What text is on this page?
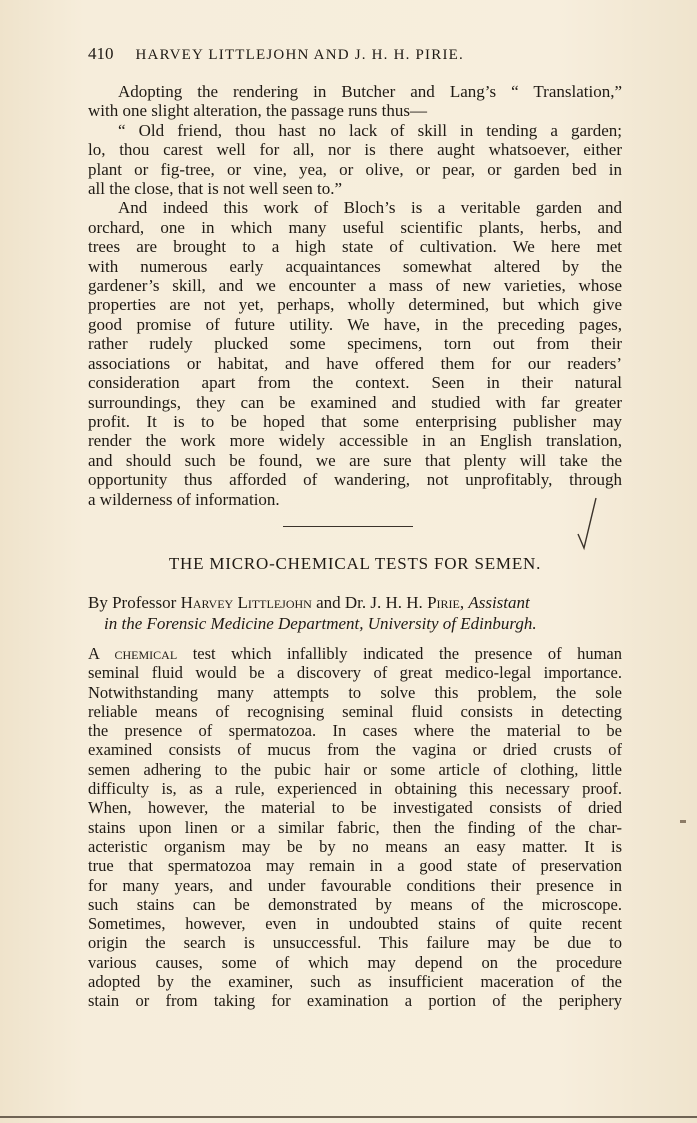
410 HARVEY LITTLEJOHN AND J. H. H. PIRIE.
Adopting the rendering in Butcher and Lang’s “ Translation,”
with one slight alteration, the passage runs thus—
“ Old friend, thou hast no lack of skill in tending a garden;
lo, thou carest well for all, nor is there aught whatsoever, either
plant or fig-tree, or vine, yea, or olive, or pear, or garden bed in
all the close, that is not well seen to.”
And indeed this work of Bloch’s is a veritable garden and
orchard, one in which many useful scientific plants, herbs, and
trees are brought to a high state of cultivation. We here met
with numerous early acquaintances somewhat altered by the
gardener’s skill, and we encounter a mass of new varieties, whose
properties are not yet, perhaps, wholly determined, but which give
good promise of future utility. We have, in the preceding pages,
rather rudely plucked some specimens, torn out from their
associations or habitat, and have offered them for our readers’
consideration apart from the context. Seen in their natural
surroundings, they can be examined and studied with far greater
profit. It is to be hoped that some enterprising publisher may
render the work more widely accessible in an English translation,
and should such be found, we are sure that plenty will take the
opportunity thus afforded of wandering, not unprofitably, through
a wilderness of information.
THE MICRO-CHEMICAL TESTS FOR SEMEN.
By Professor Harvey Littlejohn and Dr. J. H. H. Pirie, Assistant
in the Forensic Medicine Department, University of Edinburgh.
A chemical test which infallibly indicated the presence of human
seminal fluid would be a discovery of great medico-legal importance.
Notwithstanding many attempts to solve this problem, the sole
reliable means of recognising seminal fluid consists in detecting
the presence of spermatozoa. In cases where the material to be
examined consists of mucus from the vagina or dried crusts of
semen adhering to the pubic hair or some article of clothing, little
difficulty is, as a rule, experienced in obtaining this necessary proof.
When, however, the material to be investigated consists of dried
stains upon linen or a similar fabric, then the finding of the char-
acteristic organism may be by no means an easy matter. It is
true that spermatozoa may remain in a good state of preservation
for many years, and under favourable conditions their presence in
such stains can be demonstrated by means of the microscope.
Sometimes, however, even in undoubted stains of quite recent
origin the search is unsuccessful. This failure may be due to
various causes, some of which may depend on the procedure
adopted by the examiner, such as insufficient maceration of the
stain or from taking for examination a portion of the periphery
